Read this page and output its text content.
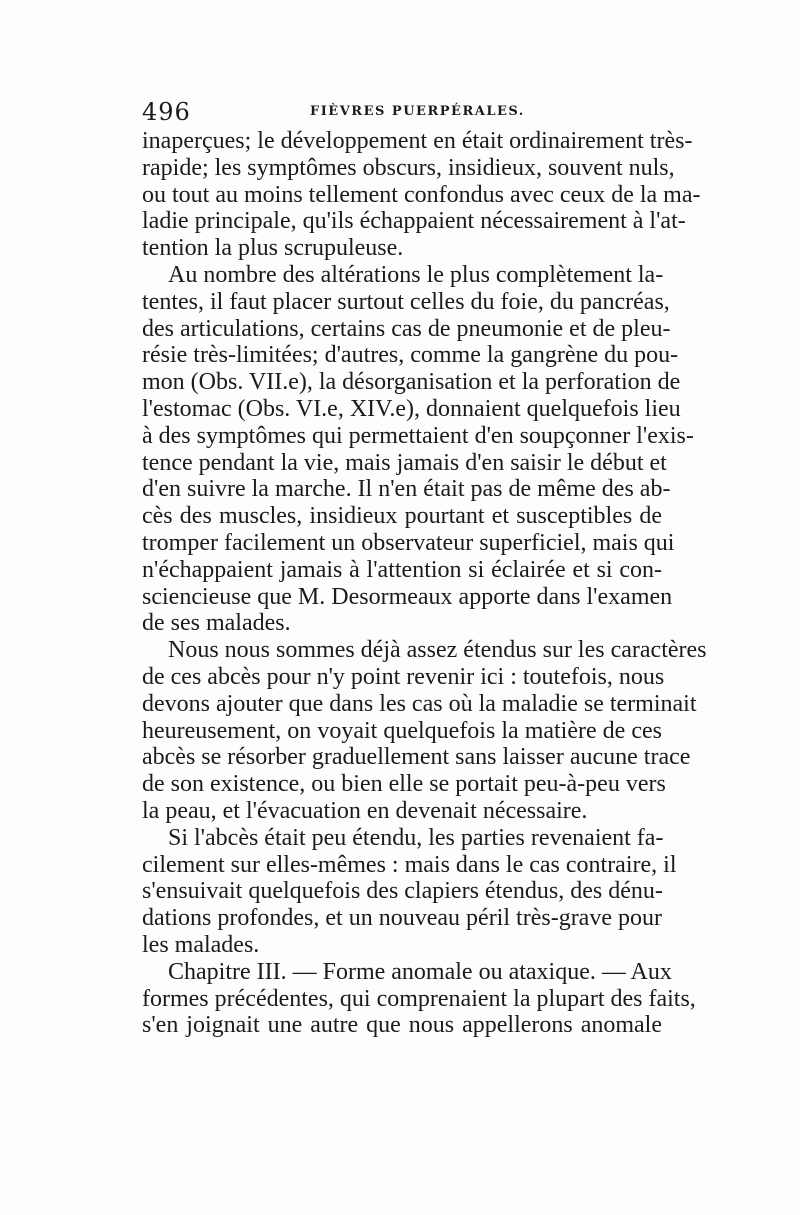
496	FIÈVRES PUERPÉRALES.
inaperçues; le développement en était ordinairement très-
rapide; les symptômes obscurs, insidieux, souvent nuls,
ou tout au moins tellement confondus avec ceux de la ma-
ladie principale, qu'ils échappaient nécessairement à l'at-
tention la plus scrupuleuse.
Au nombre des altérations le plus complètement la-
tentes, il faut placer surtout celles du foie, du pancréas,
des articulations, certains cas de pneumonie et de pleu-
résie très-limitées; d'autres, comme la gangrène du pou-
mon (Obs. VII.e), la désorganisation et la perforation de
l'estomac (Obs. VI.e, XIV.e), donnaient quelquefois lieu
à des symptômes qui permettaient d'en soupçonner l'exis-
tence pendant la vie, mais jamais d'en saisir le début et
d'en suivre la marche. Il n'en était pas de même des ab-
cès des muscles, insidieux pourtant et susceptibles de
tromper facilement un observateur superficiel, mais qui
n'échappaient jamais à l'attention si éclairée et si con-
sciencieuse que M. Desormeaux apporte dans l'examen
de ses malades.
Nous nous sommes déjà assez étendus sur les caractères
de ces abcès pour n'y point revenir ici : toutefois, nous
devons ajouter que dans les cas où la maladie se terminait
heureusement, on voyait quelquefois la matière de ces
abcès se résorber graduellement sans laisser aucune trace
de son existence, ou bien elle se portait peu-à-peu vers
la peau, et l'évacuation en devenait nécessaire.
Si l'abcès était peu étendu, les parties revenaient fa-
cilement sur elles-mêmes : mais dans le cas contraire, il
s'ensuivait quelquefois des clapiers étendus, des dénu-
dations profondes, et un nouveau péril très-grave pour
les malades.
Chapitre III. — Forme anomale ou ataxique. — Aux
formes précédentes, qui comprenaient la plupart des faits,
s'en joignait une autre que nous appellerons anomale
